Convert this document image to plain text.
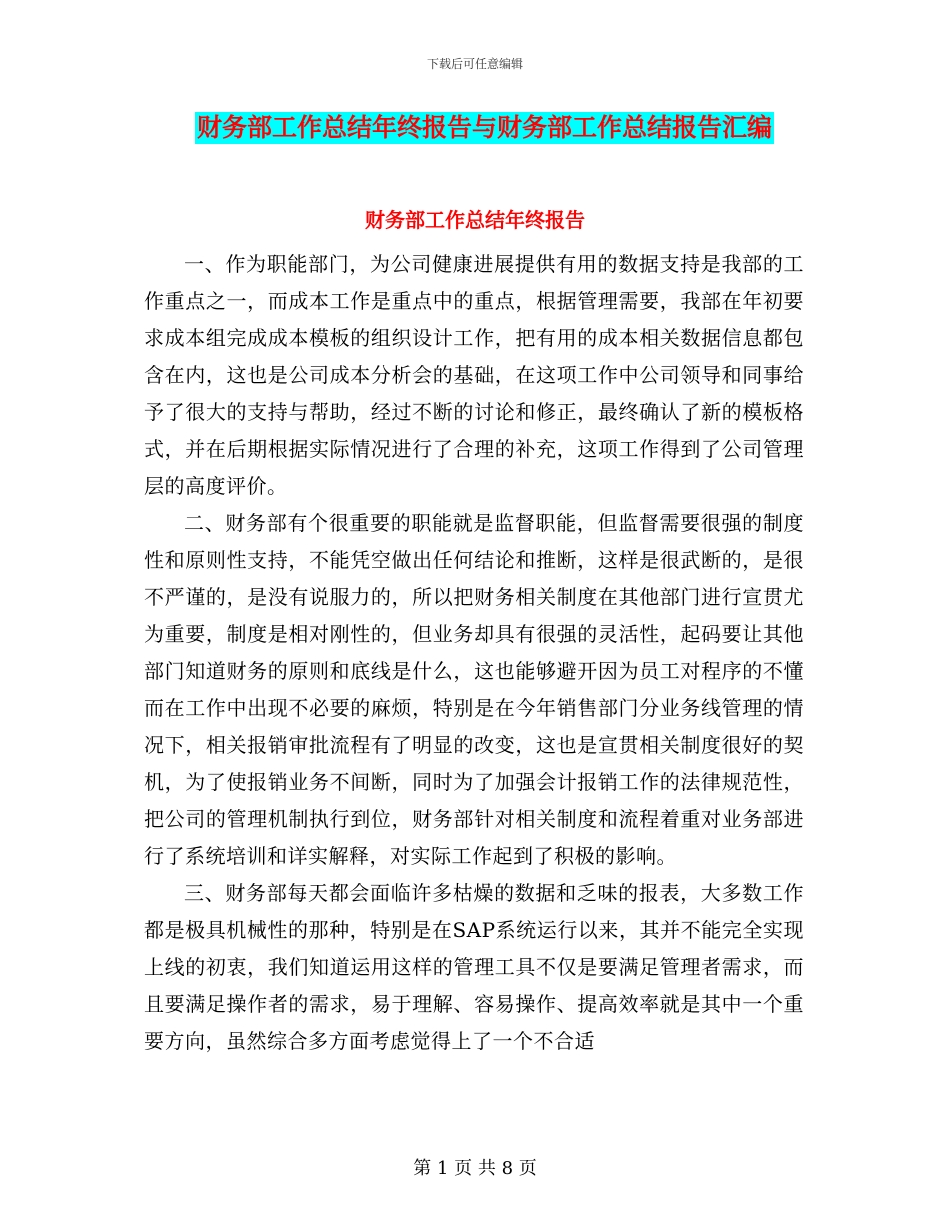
下载后可任意编辑
财务部工作总结年终报告与财务部工作总结报告汇编
财务部工作总结年终报告

一、作为职能部门，为公司健康进展提供有用的数据支持是我部的工作重点之一，而成本工作是重点中的重点，根据管理需要，我部在年初要求成本组完成成本模板的组织设计工作，把有用的成本相关数据信息都包含在内，这也是公司成本分析会的基础，在这项工作中公司领导和同事给予了很大的支持与帮助，经过不断的讨论和修正，最终确认了新的模板格式，并在后期根据实际情况进行了合理的补充，这项工作得到了公司管理层的高度评价。

二、财务部有个很重要的职能就是监督职能，但监督需要很强的制度性和原则性支持，不能凭空做出任何结论和推断，这样是很武断的，是很不严谨的，是没有说服力的，所以把财务相关制度在其他部门进行宣贯尤为重要，制度是相对刚性的，但业务却具有很强的灵活性，起码要让其他部门知道财务的原则和底线是什么，这也能够避开因为员工对程序的不懂而在工作中出现不必要的麻烦，特别是在今年销售部门分业务线管理的情况下，相关报销审批流程有了明显的改变，这也是宣贯相关制度很好的契机，为了使报销业务不间断，同时为了加强会计报销工作的法律规范性，把公司的管理机制执行到位，财务部针对相关制度和流程着重对业务部进行了系统培训和详实解释，对实际工作起到了积极的影响。

三、财务部每天都会面临许多枯燥的数据和乏味的报表，大多数工作都是极具机械性的那种，特别是在SAP系统运行以来，其并不能完全实现上线的初衷，我们知道运用这样的管理工具不仅是要满足管理者需求，而且要满足操作者的需求，易于理解、容易操作、提高效率就是其中一个重要方向，虽然综合多方面考虑觉得上了一个不合适

第 1 页 共 8 页
